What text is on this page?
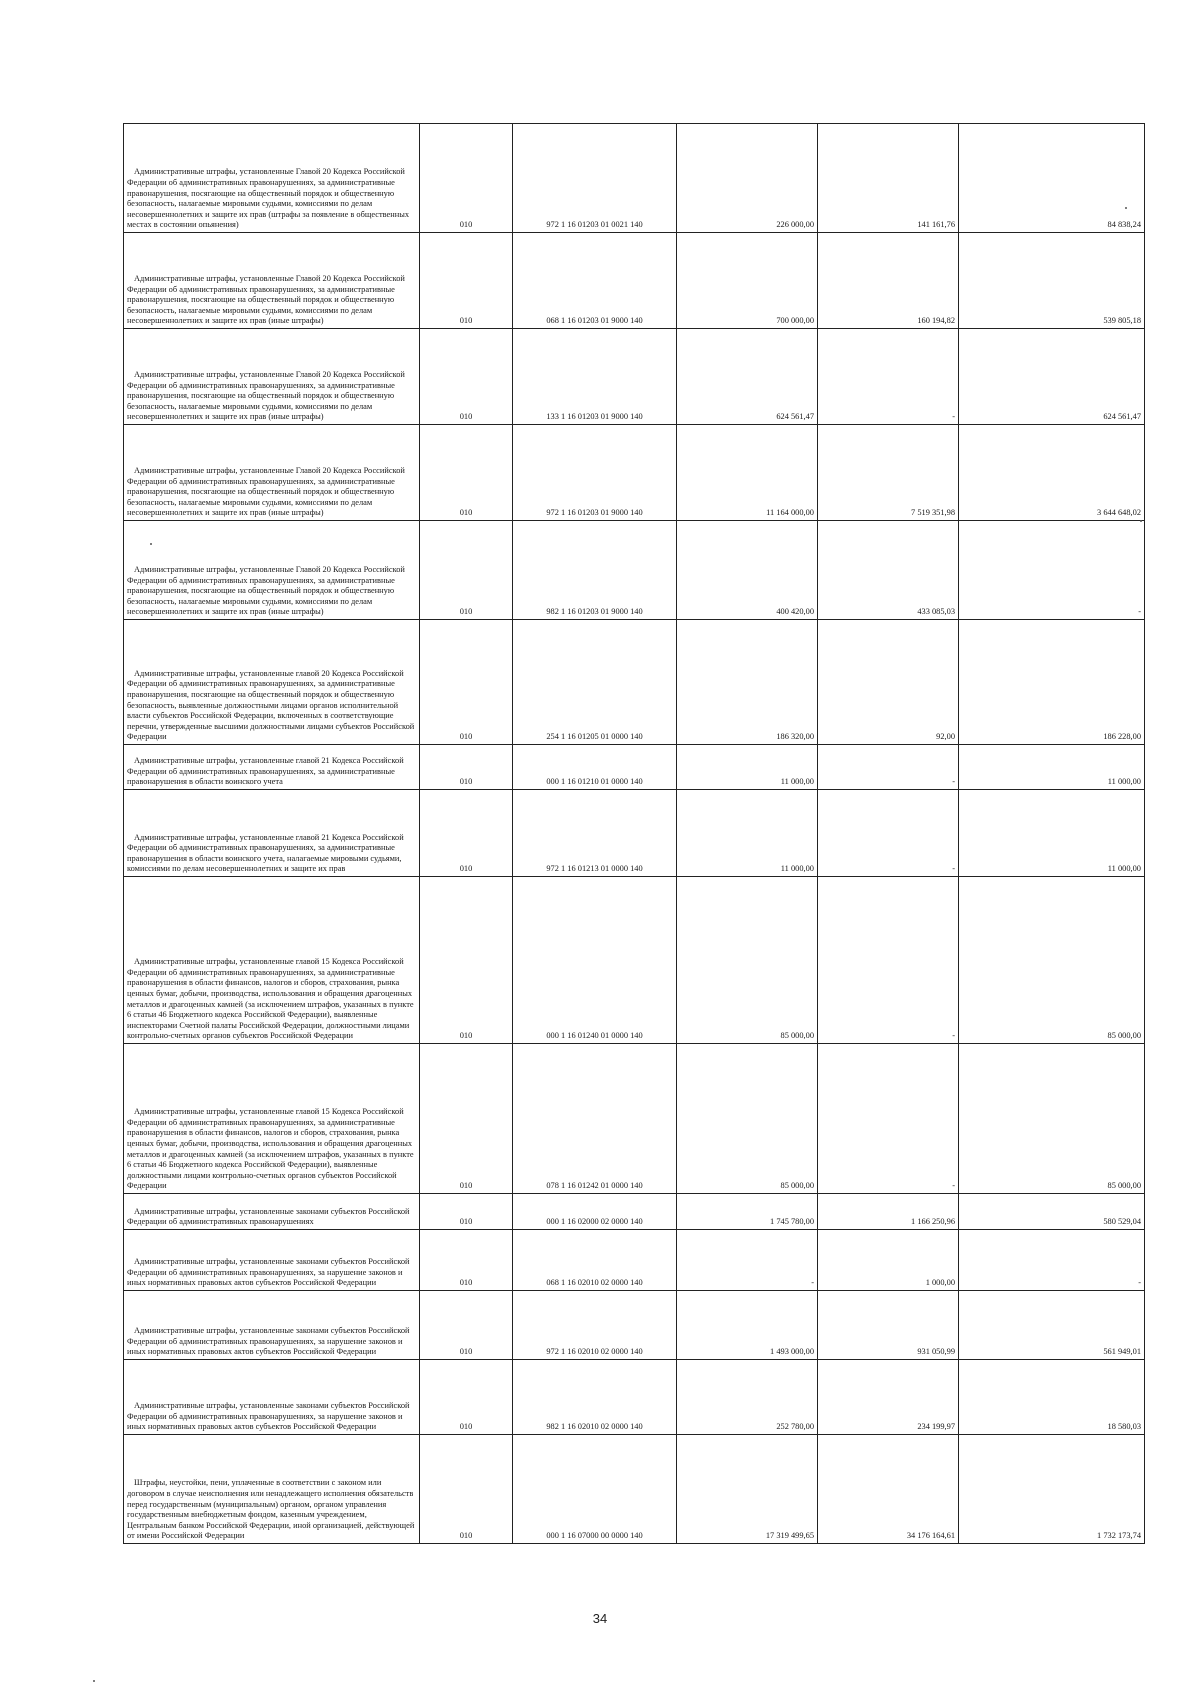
Административные штрафы, установленные Главой 20 Кодекса Российской Федерации об административных правонарушениях, за административные правонарушения, посягающие на общественный порядок и общественную безопасность, налагаемые мировыми судьями, комиссиями по делам несовершеннолетних и защите их прав (штрафы за появление в общественных местах в состоянии опьянения)	010	972 1 16 01203 01 0021 140	226 000,00	141 161,76	84 838,24
Административные штрафы, установленные Главой 20 Кодекса Российской Федерации об административных правонарушениях, за административные правонарушения, посягающие на общественный порядок и общественную безопасность, налагаемые мировыми судьями, комиссиями по делам несовершеннолетних и защите их прав (иные штрафы)	010	068 1 16 01203 01 9000 140	700 000,00	160 194,82	539 805,18
Административные штрафы, установленные Главой 20 Кодекса Российской Федерации об административных правонарушениях, за административные правонарушения, посягающие на общественный порядок и общественную безопасность, налагаемые мировыми судьями, комиссиями по делам несовершеннолетних и защите их прав (иные штрафы)	010	133 1 16 01203 01 9000 140	624 561,47	-	624 561,47
Административные штрафы, установленные Главой 20 Кодекса Российской Федерации об административных правонарушениях, за административные правонарушения, посягающие на общественный порядок и общественную безопасность, налагаемые мировыми судьями, комиссиями по делам несовершеннолетних и защите их прав (иные штрафы)	010	972 1 16 01203 01 9000 140	11 164 000,00	7 519 351,98	3 644 648,02
Административные штрафы, установленные Главой 20 Кодекса Российской Федерации об административных правонарушениях, за административные правонарушения, посягающие на общественный порядок и общественную безопасность, налагаемые мировыми судьями, комиссиями по делам несовершеннолетних и защите их прав (иные штрафы)	010	982 1 16 01203 01 9000 140	400 420,00	433 085,03	-
Административные штрафы, установленные главой 20 Кодекса Российской Федерации об административных правонарушениях, за административные правонарушения, посягающие на общественный порядок и общественную безопасность, выявленные должностными лицами органов исполнительной власти субъектов Российской Федерации, включенных в соответствующие перечни, утвержденные высшими должностными лицами субъектов Российской Федерации	010	254 1 16 01205 01 0000 140	186 320,00	92,00	186 228,00
Административные штрафы, установленные главой 21 Кодекса Российской Федерации об административных правонарушениях, за административные правонарушения в области воинского учета	010	000 1 16 01210 01 0000 140	11 000,00	-	11 000,00
Административные штрафы, установленные главой 21 Кодекса Российской Федерации об административных правонарушениях, за административные правонарушения в области воинского учета, налагаемые мировыми судьями, комиссиями по делам несовершеннолетних и защите их прав	010	972 1 16 01213 01 0000 140	11 000,00	-	11 000,00
Административные штрафы, установленные главой 15 Кодекса Российской Федерации об административных правонарушениях, за административные правонарушения в области финансов, налогов и сборов, страхования, рынка ценных бумаг, добычи, производства, использования и обращения драгоценных металлов и драгоценных камней (за исключением штрафов, указанных в пункте 6 статьи 46 Бюджетного кодекса Российской Федерации), выявленные инспекторами Счетной палаты Российской Федерации, должностными лицами контрольно-счетных органов субъектов Российской Федерации	010	000 1 16 01240 01 0000 140	85 000,00	-	85 000,00
Административные штрафы, установленные главой 15 Кодекса Российской Федерации об административных правонарушениях, за административные правонарушения в области финансов, налогов и сборов, страхования, рынка ценных бумаг, добычи, производства, использования и обращения драгоценных металлов и драгоценных камней (за исключением штрафов, указанных в пункте 6 статьи 46 Бюджетного кодекса Российской Федерации), выявленные должностными лицами контрольно-счетных органов субъектов Российской Федерации	010	078 1 16 01242 01 0000 140	85 000,00	-	85 000,00
Административные штрафы, установленные законами субъектов Российской Федерации об административных правонарушениях	010	000 1 16 02000 02 0000 140	1 745 780,00	1 166 250,96	580 529,04
Административные штрафы, установленные законами субъектов Российской Федерации об административных правонарушениях, за нарушение законов и иных нормативных правовых актов субъектов Российской Федерации	010	068 1 16 02010 02 0000 140	-	1 000,00	-
Административные штрафы, установленные законами субъектов Российской Федерации об административных правонарушениях, за нарушение законов и иных нормативных правовых актов субъектов Российской Федерации	010	972 1 16 02010 02 0000 140	1 493 000,00	931 050,99	561 949,01
Административные штрафы, установленные законами субъектов Российской Федерации об административных правонарушениях, за нарушение законов и иных нормативных правовых актов субъектов Российской Федерации	010	982 1 16 02010 02 0000 140	252 780,00	234 199,97	18 580,03
Штрафы, неустойки, пени, уплаченные в соответствии с законом или договором в случае неисполнения или ненадлежащего исполнения обязательств перед государственным (муниципальным) органом, органом управления государственным внебюджетным фондом, казенным учреждением, Центральным банком Российской Федерации, иной организацией, действующей от имени Российской Федерации	010	000 1 16 07000 00 0000 140	17 319 499,65	34 176 164,61	1 732 173,74
34
